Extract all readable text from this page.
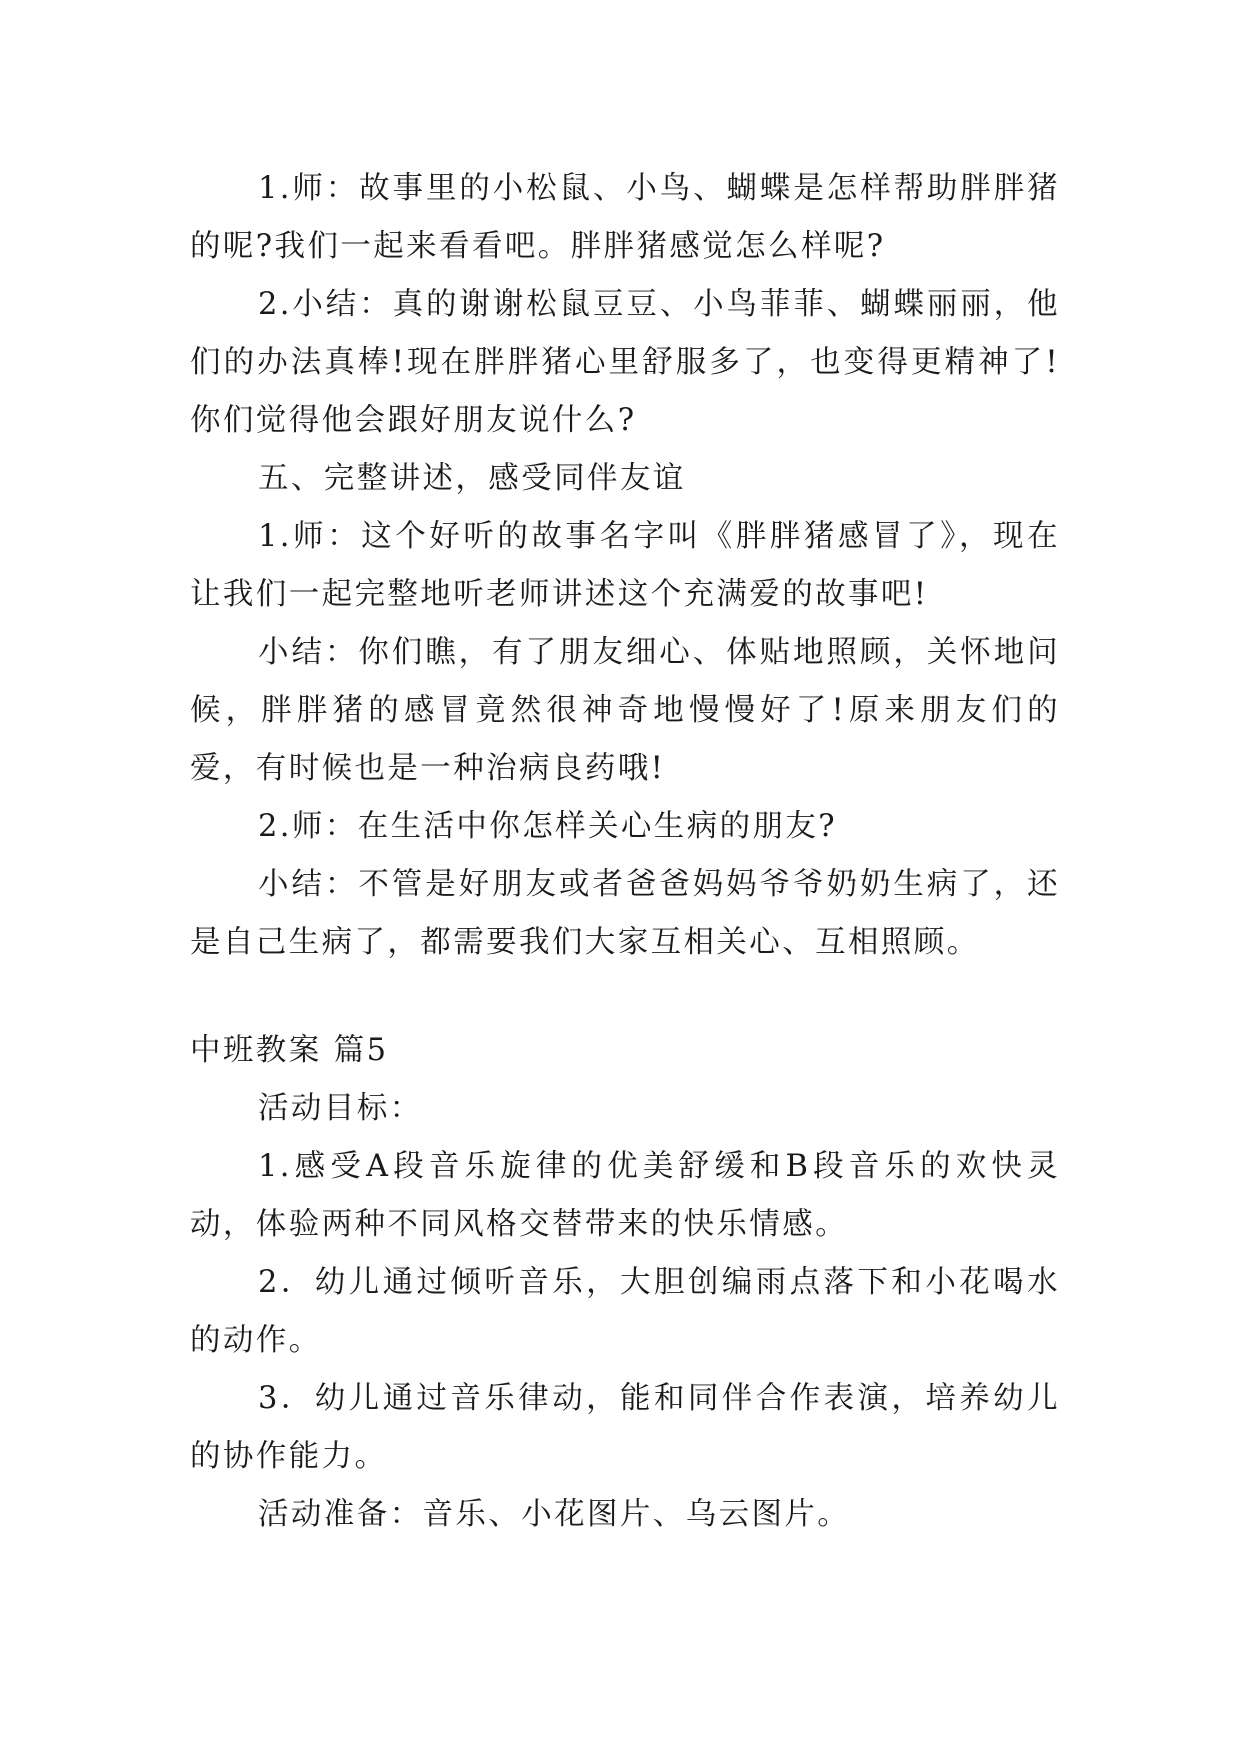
1.师：故事里的小松鼠、小鸟、蝴蝶是怎样帮助胖胖猪的呢?我们一起来看看吧。胖胖猪感觉怎么样呢?

2.小结：真的谢谢松鼠豆豆、小鸟菲菲、蝴蝶丽丽，他们的办法真棒!现在胖胖猪心里舒服多了，也变得更精神了!你们觉得他会跟好朋友说什么?

五、完整讲述，感受同伴友谊

1.师：这个好听的故事名字叫《胖胖猪感冒了》，现在让我们一起完整地听老师讲述这个充满爱的故事吧!

小结：你们瞧，有了朋友细心、体贴地照顾，关怀地问候，胖胖猪的感冒竟然很神奇地慢慢好了!原来朋友们的爱，有时候也是一种治病良药哦!

2.师：在生活中你怎样关心生病的朋友?

小结：不管是好朋友或者爸爸妈妈爷爷奶奶生病了，还是自己生病了，都需要我们大家互相关心、互相照顾。

中班教案 篇5

活动目标：

1.感受A段音乐旋律的优美舒缓和B段音乐的欢快灵动，体验两种不同风格交替带来的快乐情感。

2．幼儿通过倾听音乐，大胆创编雨点落下和小花喝水的动作。

3．幼儿通过音乐律动，能和同伴合作表演，培养幼儿的协作能力。

活动准备：音乐、小花图片、乌云图片。
